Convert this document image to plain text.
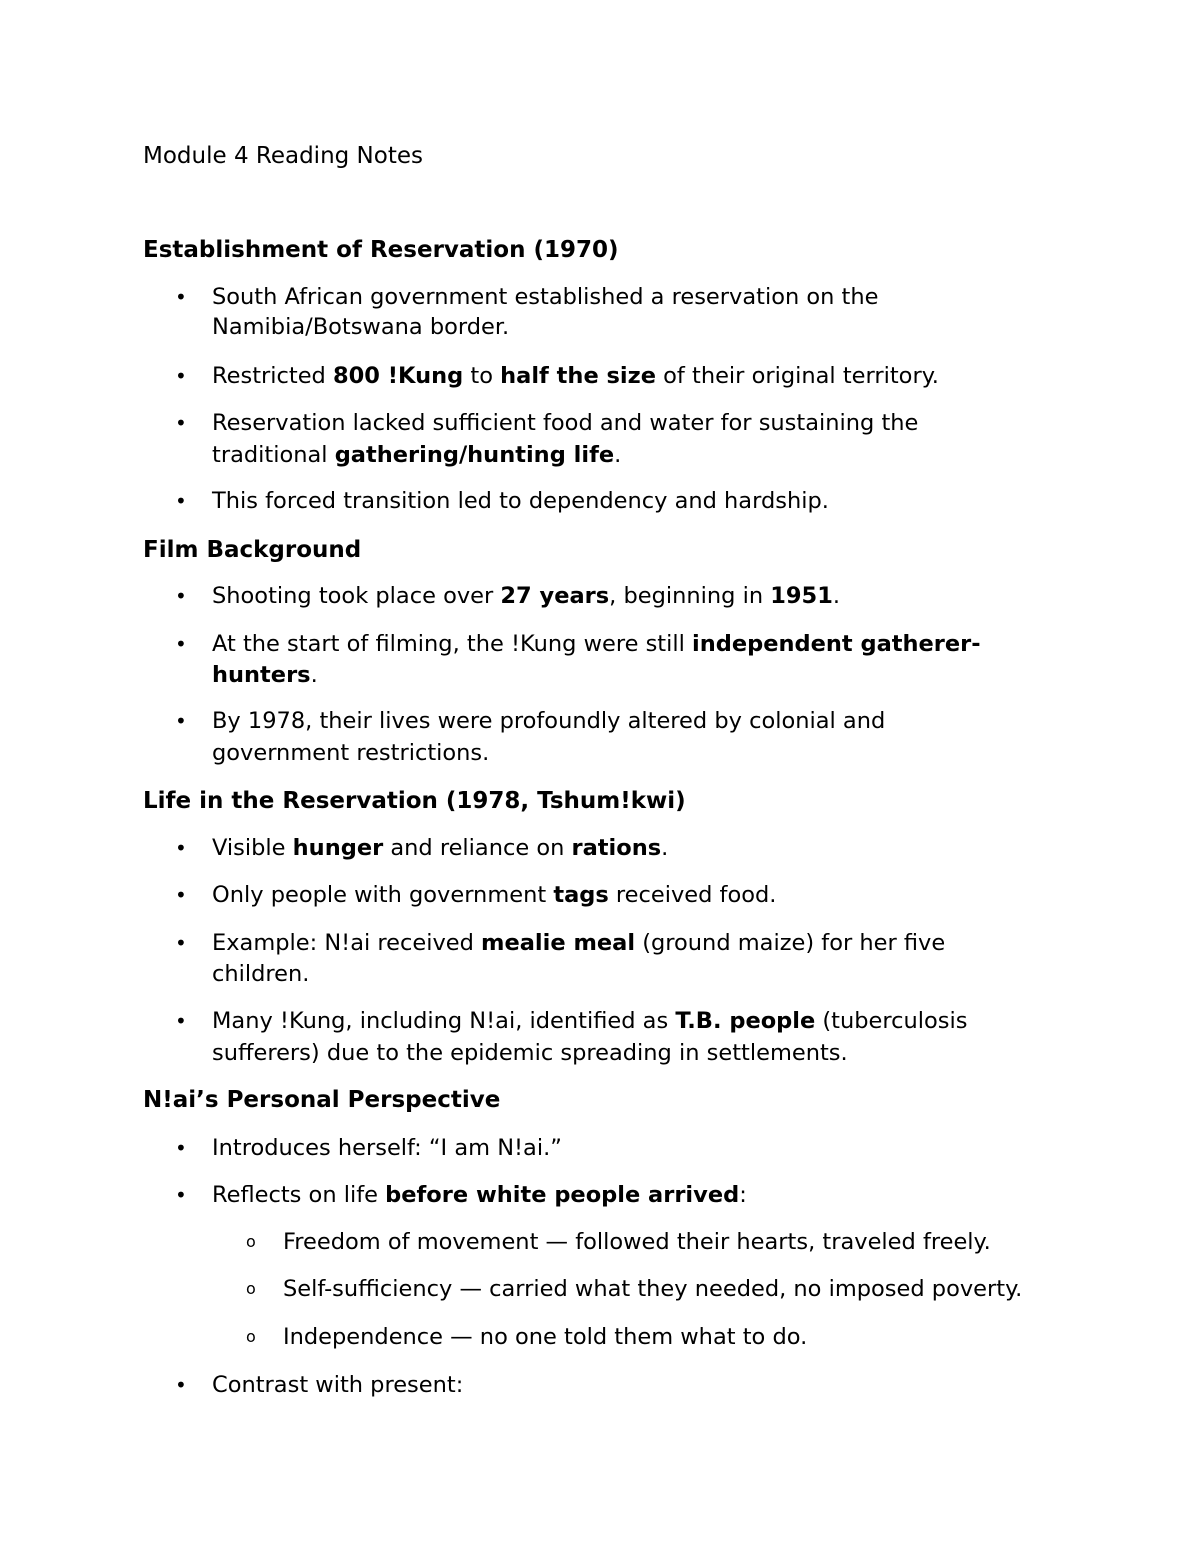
Module 4 Reading Notes
Establishment of Reservation (1970)
• South African government established a reservation on the
Namibia/Botswana border.
• Restricted 800 !Kung to half the size of their original territory.
• Reservation lacked sufficient food and water for sustaining the
traditional gathering/hunting life.
• This forced transition led to dependency and hardship.
Film Background
• Shooting took place over 27 years, beginning in 1951.
• At the start of filming, the !Kung were still independent gatherer-
hunters.
• By 1978, their lives were profoundly altered by colonial and
government restrictions.
Life in the Reservation (1978, Tshum!kwi)
• Visible hunger and reliance on rations.
• Only people with government tags received food.
• Example: N!ai received mealie meal (ground maize) for her five
children.
• Many !Kung, including N!ai, identified as T.B. people (tuberculosis
sufferers) due to the epidemic spreading in settlements.
N!ai’s Personal Perspective
• Introduces herself: “I am N!ai.”
• Reflects on life before white people arrived:
o Freedom of movement — followed their hearts, traveled freely.
o Self-sufficiency — carried what they needed, no imposed poverty.
o Independence — no one told them what to do.
• Contrast with present:
